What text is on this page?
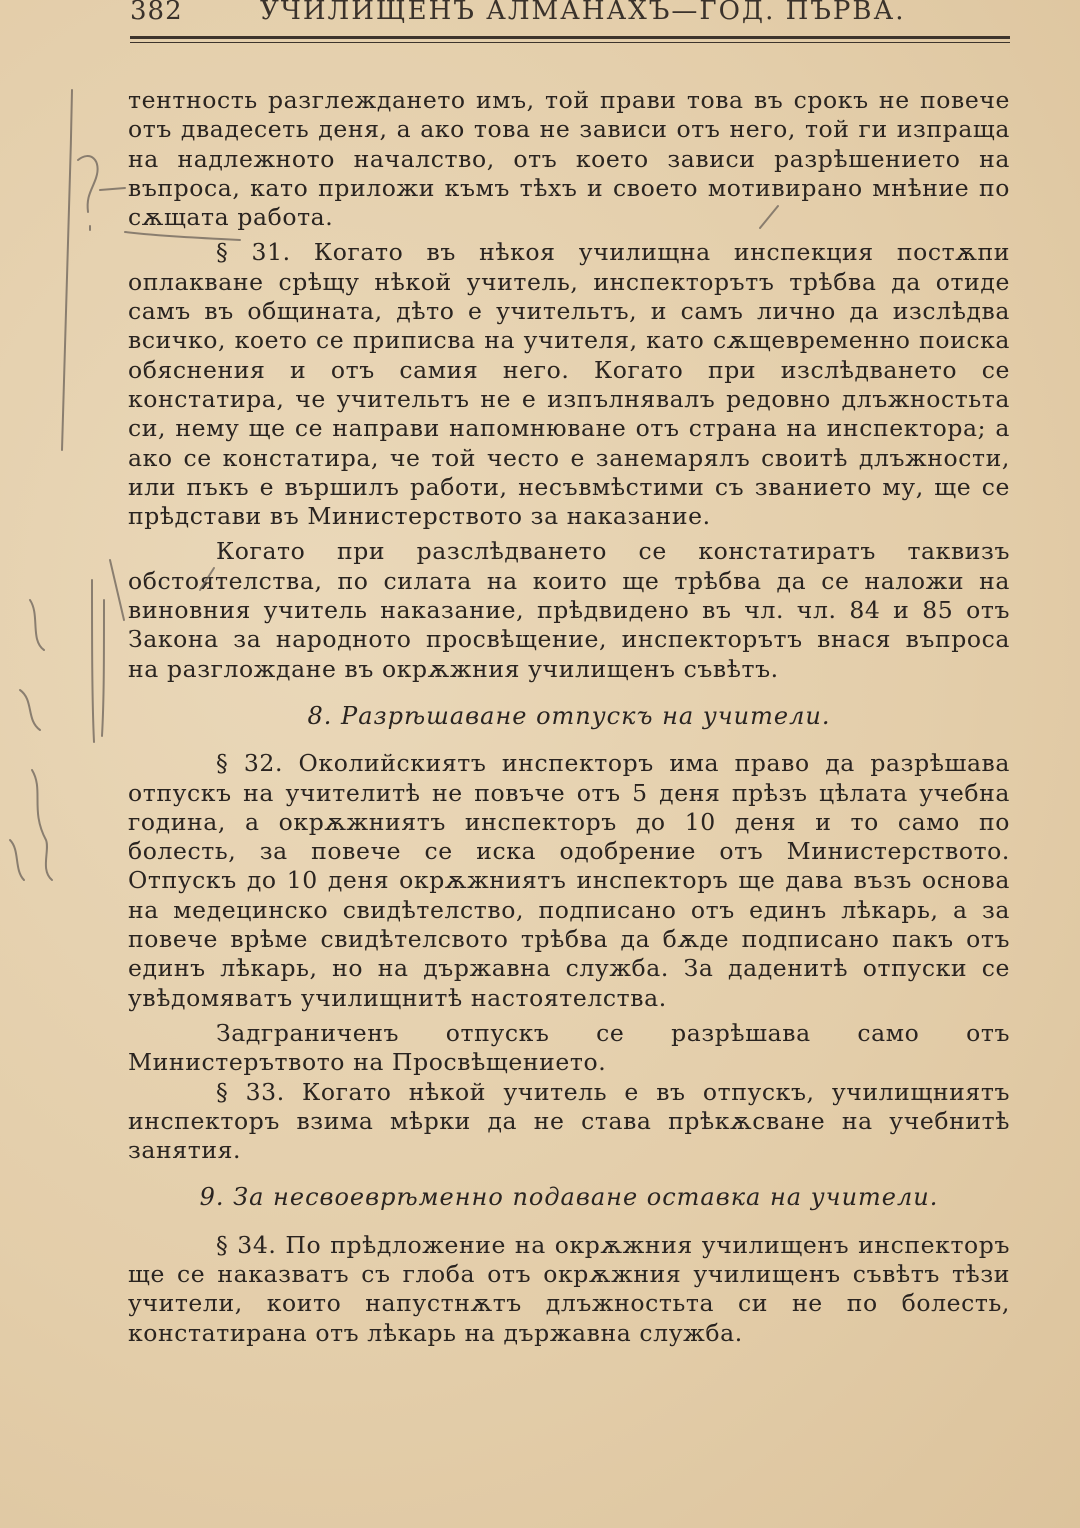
382	УЧИЛИЩЕНЪ АЛМАНАХЪ—ГОД. ПЪРВА.

тентность разглеждането имъ, той прави това въ срокъ не повече отъ двадесеть деня, а ако това не зависи отъ него, той ги изпраща на надлежното началство, отъ което зависи разрѣшението на въпроса, като приложи къмъ тѣхъ и своето мотивирано мнѣние по сѫщата работа.

§ 31. Когато въ нѣкоя училищна инспекция постѫпи оплакване срѣщу нѣкой учитель, инспекторътъ трѣбва да отиде самъ въ общината, дѣто е учительтъ, и самъ лично да изслѣдва всичко, което се приписва на учителя, като сѫщевременно поиска обяснения и отъ самия него. Когато при изслѣдването се констатира, че учительтъ не е изпълнявалъ редовно длъжностьта си, нему ще се направи напомнюване отъ страна на инспектора; а ако се констатира, че той често е занемарялъ своитѣ длъжности, или пъкъ е вършилъ работи, несъвмѣстими съ званието му, ще се прѣдстави въ Министерството за наказание.

Когато при разслѣдването се констатиратъ таквизъ обстоятелства, по силата на които ще трѣбва да се наложи на виновния учитель наказание, прѣдвидено въ чл. чл. 84 и 85 отъ Закона за народното просвѣщение, инспекторътъ внася въпроса на разглождане въ окрѫжния училищенъ съвѣтъ.

8. Разрѣшаване отпускъ на учители.

§ 32. Околийскиятъ инспекторъ има право да разрѣшава отпускъ на учителитѣ не повъче отъ 5 деня прѣзъ цѣлата учебна година, а окрѫжниятъ инспекторъ до 10 деня и то само по болесть, за повече се иска одобрение отъ Министерството. Отпускъ до 10 деня окрѫжниятъ инспекторъ ще дава възъ основа на медецинско свидѣтелство, подписано отъ единъ лѣкарь, а за повече врѣме свидѣтелсвото трѣбва да бѫде подписано пакъ отъ единъ лѣкарь, но на държавна служба. За даденитѣ отпуски се увѣдомяватъ училищнитѣ настоятелства.

Задграниченъ отпускъ се разрѣшава само отъ Министерътвото на Просвѣщението.

§ 33. Когато нѣкой учитель е въ отпускъ, училищниятъ инспекторъ взима мѣрки да не става прѣкѫсване на учебнитѣ занятия.

9. За несвоеврѣменно подаване оставка на учители.

§ 34. По прѣдложение на окрѫжния училищенъ инспекторъ ще се наказватъ съ глоба отъ окрѫжния училищенъ съвѣтъ тѣзи учители, които напустнѫтъ длъжностьта си не по болесть, констатирана отъ лѣкарь на държавна служба.
